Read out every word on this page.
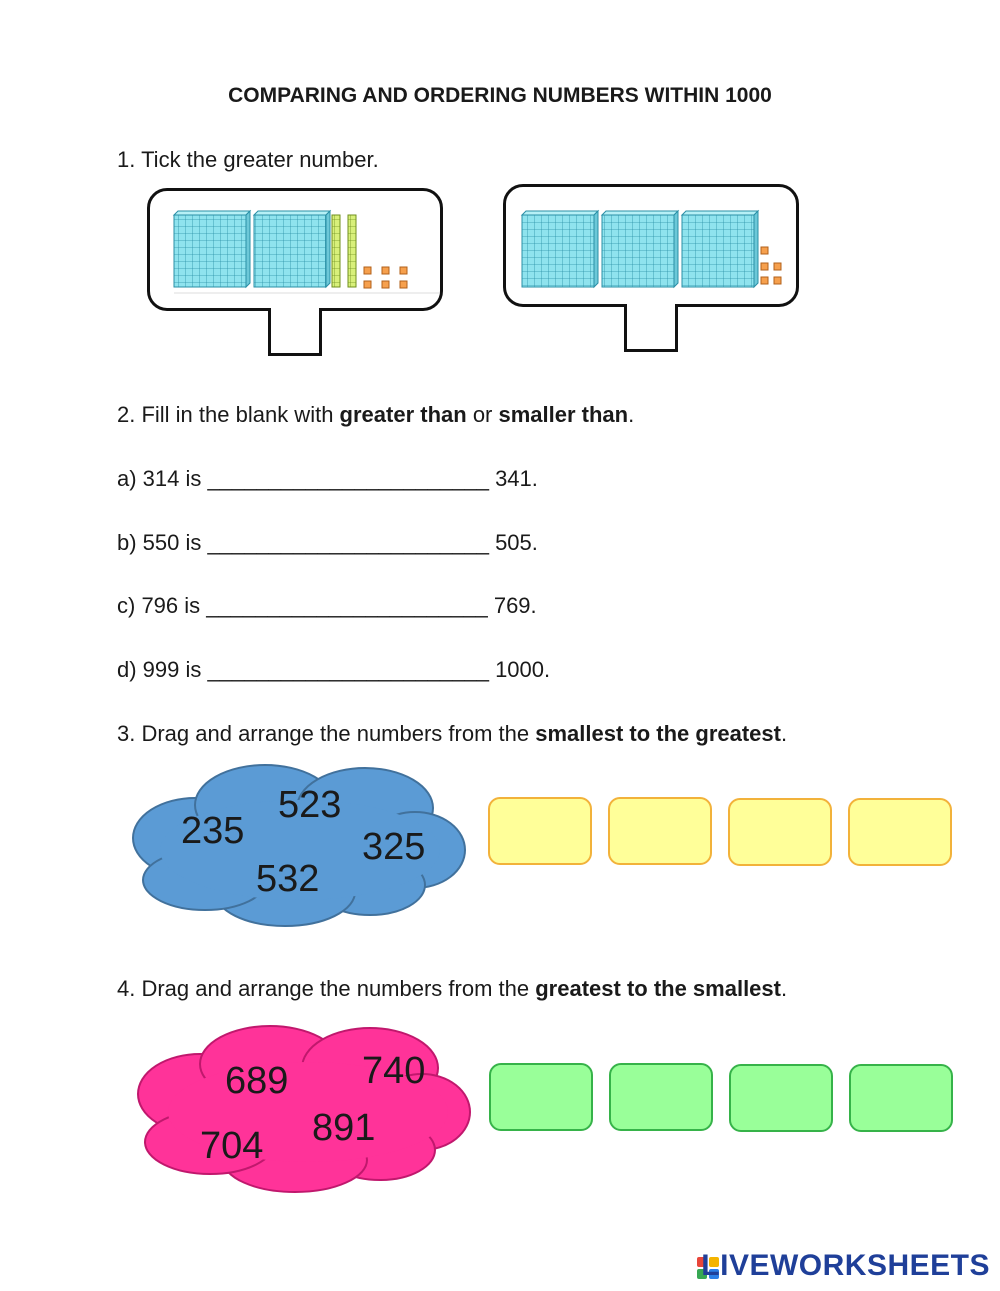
COMPARING AND ORDERING NUMBERS WITHIN 1000
1. Tick the greater number.
2. Fill in the blank with greater than or smaller than.
a) 314 is _______________________ 341.
b) 550 is _______________________ 505.
c) 796 is _______________________ 769.
d) 999 is _______________________ 1000.
3. Drag and arrange the numbers from the smallest to the greatest.
523
235	325
532
4. Drag and arrange the numbers from the greatest to the smallest.
689 740
891
704
LIVEWORKSHEETS
